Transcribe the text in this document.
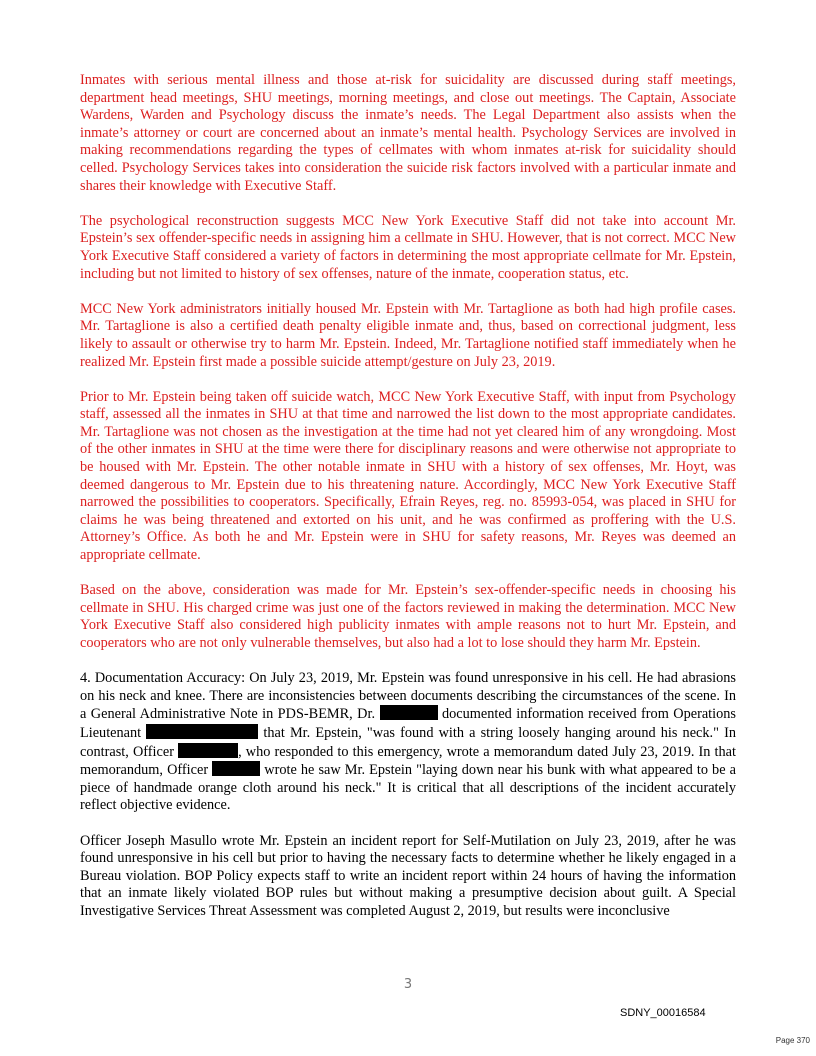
Inmates with serious mental illness and those at-risk for suicidality are discussed during staff meetings, department head meetings, SHU meetings, morning meetings, and close out meetings. The Captain, Associate Wardens, Warden and Psychology discuss the inmate’s needs. The Legal Department also assists when the inmate’s attorney or court are concerned about an inmate’s mental health. Psychology Services are involved in making recommendations regarding the types of cellmates with whom inmates at-risk for suicidality should celled. Psychology Services takes into consideration the suicide risk factors involved with a particular inmate and shares their knowledge with Executive Staff.

The psychological reconstruction suggests MCC New York Executive Staff did not take into account Mr. Epstein’s sex offender-specific needs in assigning him a cellmate in SHU. However, that is not correct. MCC New York Executive Staff considered a variety of factors in determining the most appropriate cellmate for Mr. Epstein, including but not limited to history of sex offenses, nature of the inmate, cooperation status, etc.

MCC New York administrators initially housed Mr. Epstein with Mr. Tartaglione as both had high profile cases. Mr. Tartaglione is also a certified death penalty eligible inmate and, thus, based on correctional judgment, less likely to assault or otherwise try to harm Mr. Epstein. Indeed, Mr. Tartaglione notified staff immediately when he realized Mr. Epstein first made a possible suicide attempt/gesture on July 23, 2019.

Prior to Mr. Epstein being taken off suicide watch, MCC New York Executive Staff, with input from Psychology staff, assessed all the inmates in SHU at that time and narrowed the list down to the most appropriate candidates. Mr. Tartaglione was not chosen as the investigation at the time had not yet cleared him of any wrongdoing. Most of the other inmates in SHU at the time were there for disciplinary reasons and were otherwise not appropriate to be housed with Mr. Epstein. The other notable inmate in SHU with a history of sex offenses, Mr. Hoyt, was deemed dangerous to Mr. Epstein due to his threatening nature. Accordingly, MCC New York Executive Staff narrowed the possibilities to cooperators. Specifically, Efrain Reyes, reg. no. 85993-054, was placed in SHU for claims he was being threatened and extorted on his unit, and he was confirmed as proffering with the U.S. Attorney’s Office. As both he and Mr. Epstein were in SHU for safety reasons, Mr. Reyes was deemed an appropriate cellmate.

Based on the above, consideration was made for Mr. Epstein’s sex-offender-specific needs in choosing his cellmate in SHU. His charged crime was just one of the factors reviewed in making the determination. MCC New York Executive Staff also considered high publicity inmates with ample reasons not to hurt Mr. Epstein, and cooperators who are not only vulnerable themselves, but also had a lot to lose should they harm Mr. Epstein.

4. Documentation Accuracy: On July 23, 2019, Mr. Epstein was found unresponsive in his cell. He had abrasions on his neck and knee. There are inconsistencies between documents describing the circumstances of the scene. In a General Administrative Note in PDS-BEMR, Dr.	documented information received from Operations Lieutenant	that Mr. Epstein, "was found with a string loosely hanging around his neck." In contrast, Officer	, who responded to this emergency, wrote a memorandum dated July 23, 2019. In that memorandum, Officer	wrote he saw Mr. Epstein "laying down near his bunk with what appeared to be a piece of handmade orange cloth around his neck." It is critical that all descriptions of the incident accurately reflect objective evidence.

Officer Joseph Masullo wrote Mr. Epstein an incident report for Self-Mutilation on July 23, 2019, after he was found unresponsive in his cell but prior to having the necessary facts to determine whether he likely engaged in a Bureau violation. BOP Policy expects staff to write an incident report within 24 hours of having the information that an inmate likely violated BOP rules but without making a presumptive decision about guilt. A Special Investigative Services Threat Assessment was completed August 2, 2019, but results were inconclusive

3
SDNY_00016584
Page 370
